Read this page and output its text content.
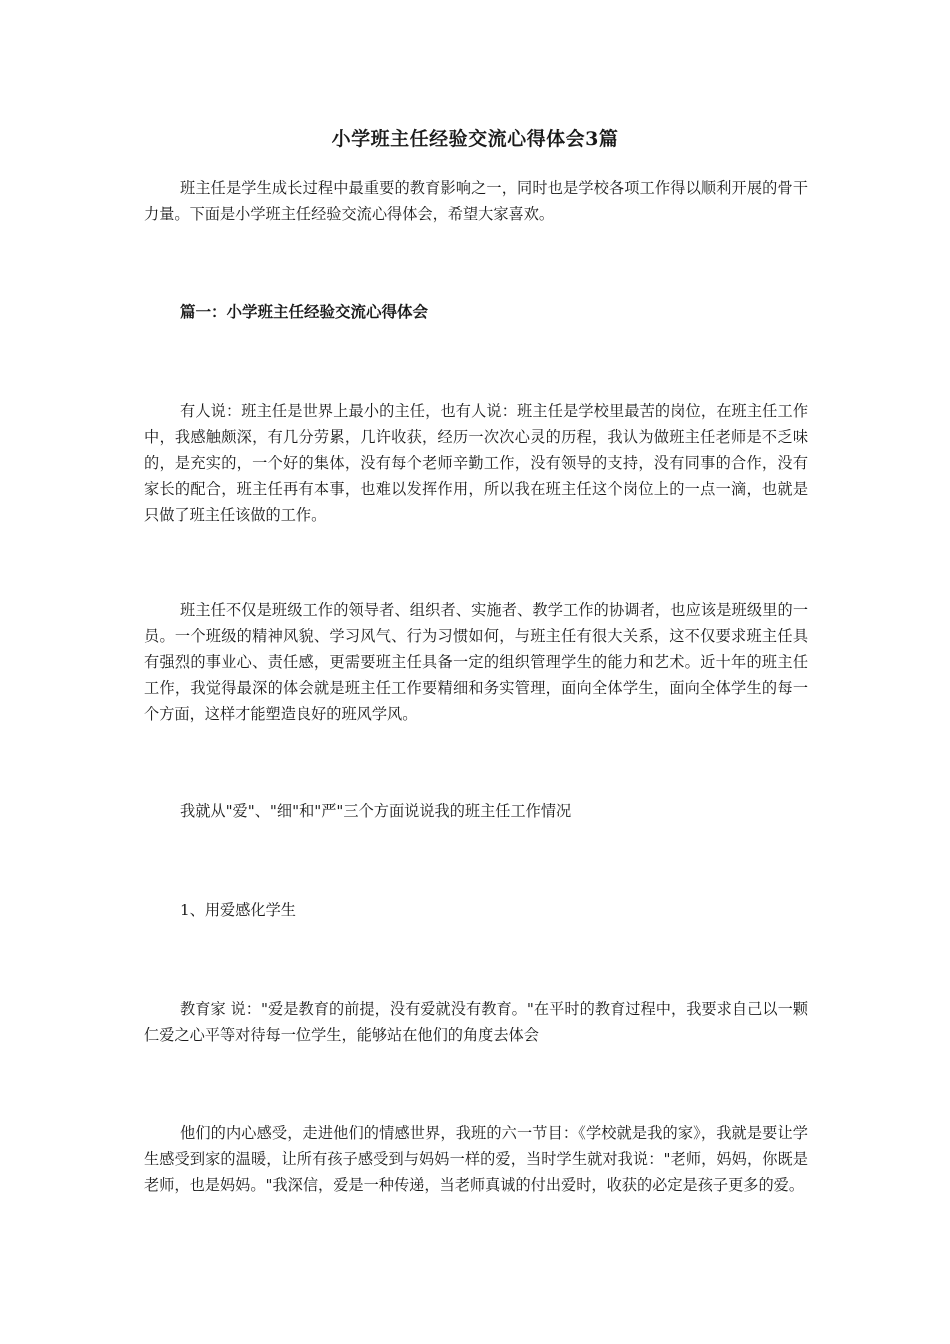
小学班主任经验交流心得体会3篇

班主任是学生成长过程中最重要的教育影响之一，同时也是学校各项工作得以顺利开展的骨干力量。下面是小学班主任经验交流心得体会，希望大家喜欢。

篇一：小学班主任经验交流心得体会

有人说：班主任是世界上最小的主任，也有人说：班主任是学校里最苦的岗位，在班主任工作中，我感触颇深，有几分劳累，几许收获，经历一次次心灵的历程，我认为做班主任老师是不乏味的，是充实的，一个好的集体，没有每个老师辛勤工作，没有领导的支持，没有同事的合作，没有家长的配合，班主任再有本事，也难以发挥作用，所以我在班主任这个岗位上的一点一滴，也就是只做了班主任该做的工作。

班主任不仅是班级工作的领导者、组织者、实施者、教学工作的协调者，也应该是班级里的一员。一个班级的精神风貌、学习风气、行为习惯如何，与班主任有很大关系，这不仅要求班主任具有强烈的事业心、责任感，更需要班主任具备一定的组织管理学生的能力和艺术。近十年的班主任工作，我觉得最深的体会就是班主任工作要精细和务实管理，面向全体学生，面向全体学生的每一个方面，这样才能塑造良好的班风学风。

我就从"爱"、"细"和"严"三个方面说说我的班主任工作情况

1、用爱感化学生

教育家 说："爱是教育的前提，没有爱就没有教育。"在平时的教育过程中，我要求自己以一颗仁爱之心平等对待每一位学生，能够站在他们的角度去体会

他们的内心感受，走进他们的情感世界，我班的六一节目：《学校就是我的家》，我就是要让学生感受到家的温暖，让所有孩子感受到与妈妈一样的爱，当时学生就对我说："老师，妈妈，你既是老师，也是妈妈。"我深信，爱是一种传递，当老师真诚的付出爱时，收获的必定是孩子更多的爱。
